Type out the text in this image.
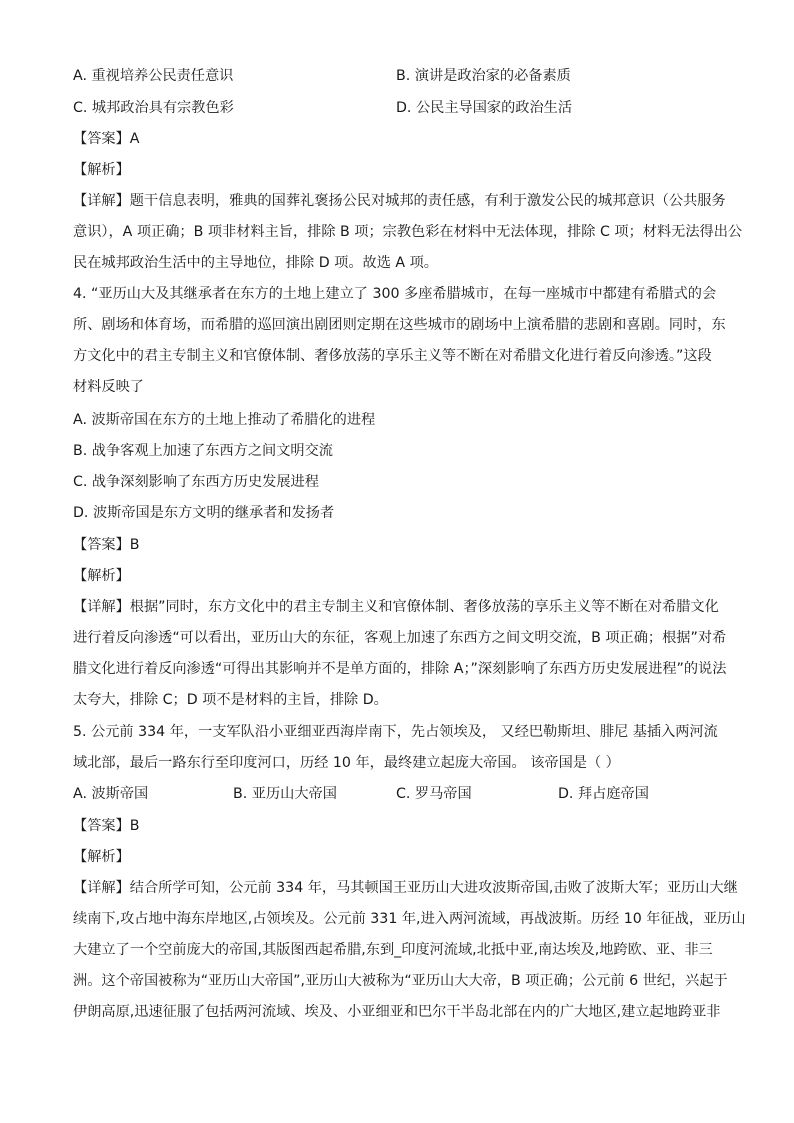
A. 重视培养公民责任意识	B. 演讲是政治家的必备素质
C. 城邦政治具有宗教色彩	D. 公民主导国家的政治生活
【答案】A
【解析】
【详解】题干信息表明，雅典的国葬礼褒扬公民对城邦的责任感，有利于激发公民的城邦意识（公共服务
意识），A 项正确；B 项非材料主旨，排除 B 项；宗教色彩在材料中无法体现，排除 C 项；材料无法得出公
民在城邦政治生活中的主导地位，排除 D 项。故选 A 项。
4. “亚历山大及其继承者在东方的土地上建立了 300 多座希腊城市，在每一座城市中都建有希腊式的会
所、剧场和体育场，而希腊的巡回演出剧团则定期在这些城市的剧场中上演希腊的悲剧和喜剧。同时，东
方文化中的君主专制主义和官僚体制、奢侈放荡的享乐主义等不断在对希腊文化进行着反向渗透。”这段
材料反映了
A. 波斯帝国在东方的土地上推动了希腊化的进程
B. 战争客观上加速了东西方之间文明交流
C. 战争深刻影响了东西方历史发展进程
D. 波斯帝国是东方文明的继承者和发扬者
【答案】B
【解析】
【详解】根据”同时，东方文化中的君主专制主义和官僚体制、奢侈放荡的享乐主义等不断在对希腊文化
进行着反向渗透“可以看出，亚历山大的东征，客观上加速了东西方之间文明交流，B 项正确；根据”对希
腊文化进行着反向渗透“可得出其影响并不是单方面的，排除 A；”深刻影响了东西方历史发展进程”的说法
太夸大，排除 C；D 项不是材料的主旨，排除 D。
5. 公元前 334 年，一支军队沿小亚细亚西海岸南下，先占领埃及， 又经巴勒斯坦、腓尼 基插入两河流
域北部，最后一路东行至印度河口，历经 10 年，最终建立起庞大帝国。 该帝国是（ ）
A. 波斯帝国	B. 亚历山大帝国	C. 罗马帝国	D. 拜占庭帝国
【答案】B
【解析】
【详解】结合所学可知，公元前 334 年，马其顿国王亚历山大进攻波斯帝国,击败了波斯大军；亚历山大继
续南下,攻占地中海东岸地区,占领埃及。公元前 331 年,进入两河流域，再战波斯。历经 10 年征战，亚历山
大建立了一个空前庞大的帝国,其版图西起希腊,东到_印度河流域,北抵中亚,南达埃及,地跨欧、亚、非三
洲。这个帝国被称为“亚历山大帝国”,亚历山大被称为“亚历山大大帝，B 项正确；公元前 6 世纪，兴起于
伊朗高原,迅速征服了包括两河流域、埃及、小亚细亚和巴尔干半岛北部在内的广大地区,建立起地跨亚非
